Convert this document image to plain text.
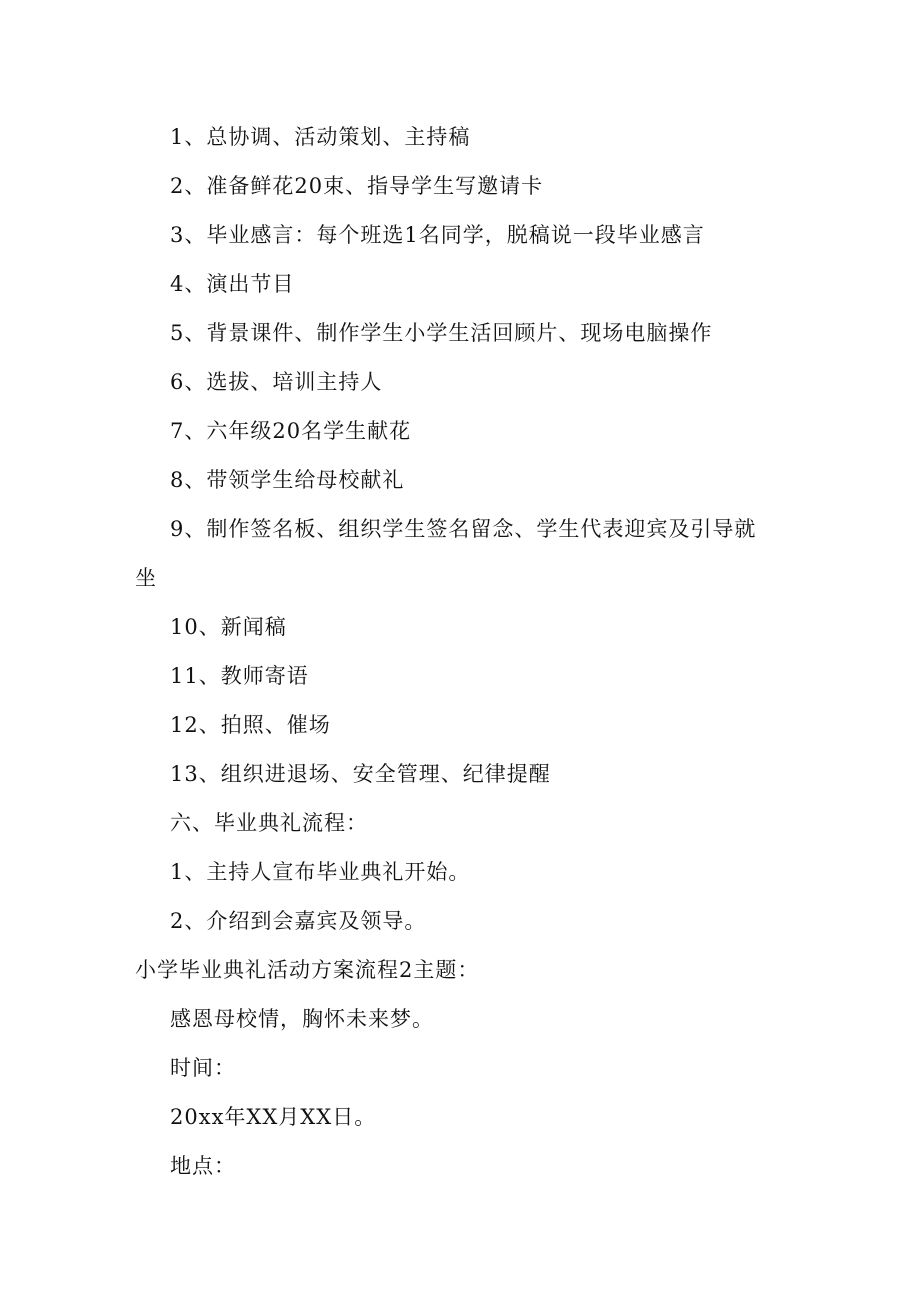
1、总协调、活动策划、主持稿
2、准备鲜花20束、指导学生写邀请卡
3、毕业感言：每个班选1名同学，脱稿说一段毕业感言
4、演出节目
5、背景课件、制作学生小学生活回顾片、现场电脑操作
6、选拔、培训主持人
7、六年级20名学生献花
8、带领学生给母校献礼
9、制作签名板、组织学生签名留念、学生代表迎宾及引导就
坐
10、新闻稿
11、教师寄语
12、拍照、催场
13、组织进退场、安全管理、纪律提醒
六、毕业典礼流程：
1、主持人宣布毕业典礼开始。
2、介绍到会嘉宾及领导。
小学毕业典礼活动方案流程2主题：
感恩母校情，胸怀未来梦。
时间：
20xx年XX月XX日。
地点：
